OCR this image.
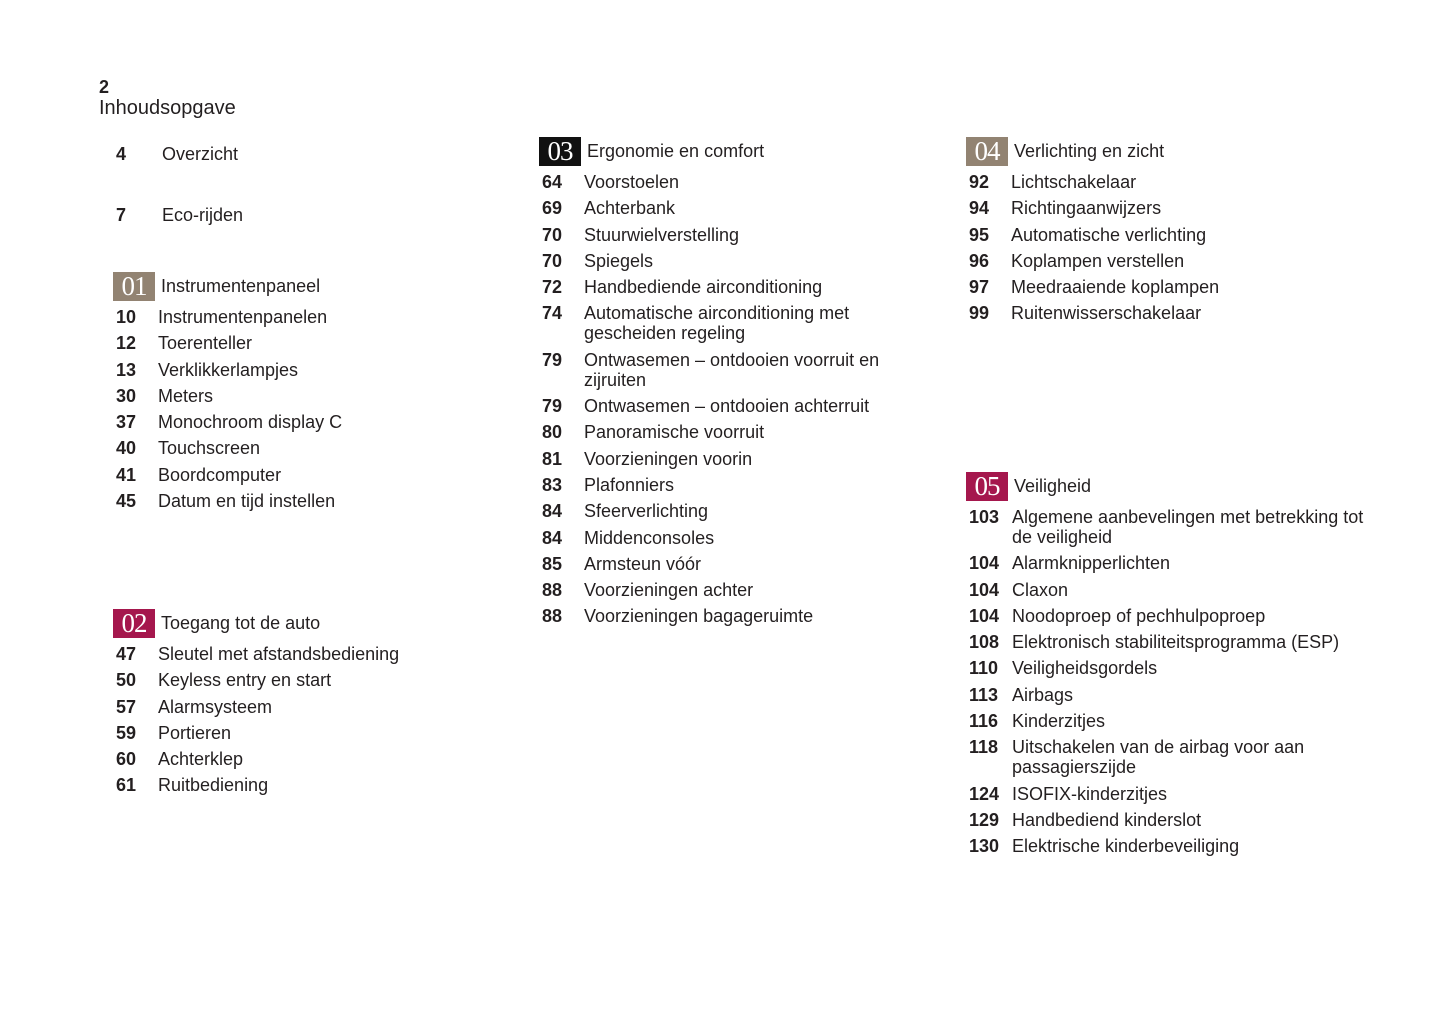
2
Inhoudsopgave
4	Overzicht
7	Eco-rijden
01 Instrumentenpaneel
10	Instrumentenpanelen
12	Toerenteller
13	Verklikkerlampjes
30	Meters
37	Monochroom display C
40	Touchscreen
41	Boordcomputer
45	Datum en tijd instellen
02 Toegang tot de auto
47	Sleutel met afstandsbediening
50	Keyless entry en start
57	Alarmsysteem
59	Portieren
60	Achterklep
61	Ruitbediening
03 Ergonomie en comfort
64	Voorstoelen
69	Achterbank
70	Stuurwielverstelling
70	Spiegels
72	Handbediende airconditioning
74	Automatische airconditioning met gescheiden regeling
79	Ontwasemen – ontdooien voorruit en zijruiten
79	Ontwasemen – ontdooien achterruit
80	Panoramische voorruit
81	Voorzieningen voorin
83	Plafonniers
84	Sfeerverlichting
84	Middenconsoles
85	Armsteun vóór
88	Voorzieningen achter
88	Voorzieningen bagageruimte
04 Verlichting en zicht
92	Lichtschakelaar
94	Richtingaanwijzers
95	Automatische verlichting
96	Koplampen verstellen
97	Meedraaiende koplampen
99	Ruitenwisserschakelaar
05 Veiligheid
103 Algemene aanbevelingen met betrekking tot de veiligheid
104 Alarmknipperlichten
104 Claxon
104 Noodoproep of pechhulpoproep
108 Elektronisch stabiliteitsprogramma (ESP)
110 Veiligheidsgordels
113 Airbags
116 Kinderzitjes
118 Uitschakelen van de airbag voor aan passagierszijde
124 ISOFIX-kinderzitjes
129 Handbediend kinderslot
130 Elektrische kinderbeveiliging
